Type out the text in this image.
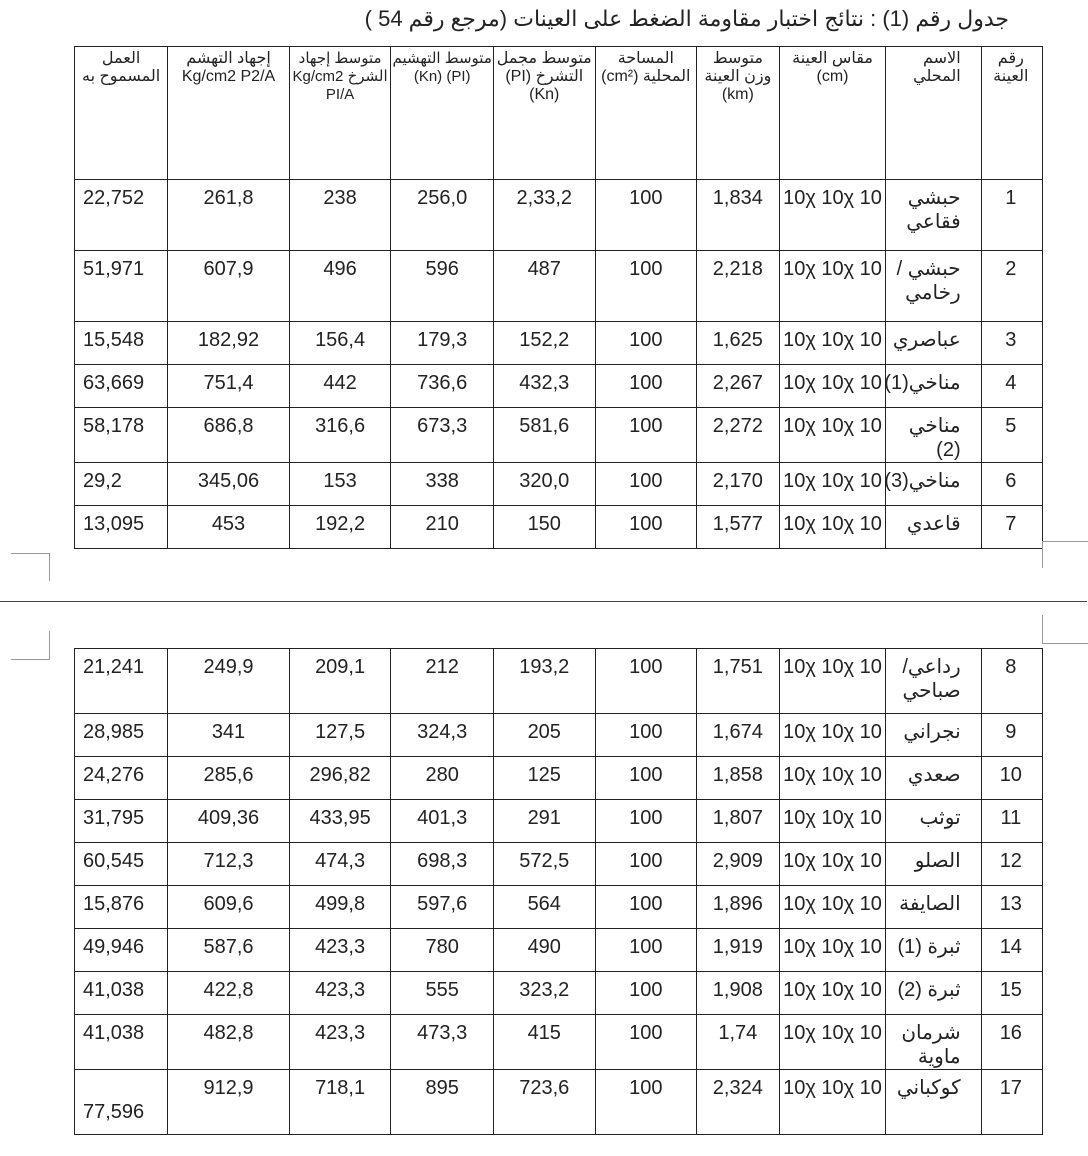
جدول رقم (1) : نتائج اختبار مقاومة الضغط على العينات (مرجع رقم 54 )
رقم العينة	الاسم المحلي	مقاس العينة (cm)	متوسط وزن العينة (km)	المساحة المحلية (cm²)	متوسط مجمل التشرخ (PI) (Kn)	متوسط التهشيم (PI) (Kn)	متوسط إجهاد الشرخ Kg/cm2 PI/A	إجهاد التهشم Kg/cm2 P2/A	العمل المسموح به
1	حبشي فقاعي	10χ 10χ 10	1,834	100	2,33,2	256,0	238	261,8	22,752
2	حبشي /رخامي	10χ 10χ 10	2,218	100	487	596	496	607,9	51,971
3	عباصري	10χ 10χ 10	1,625	100	152,2	179,3	156,4	182,92	15,548
4	مناخي(1)	10χ 10χ 10	2,267	100	432,3	736,6	442	751,4	63,669
5	مناخي (2)	10χ 10χ 10	2,272	100	581,6	673,3	316,6	686,8	58,178
6	مناخي(3)	10χ 10χ 10	2,170	100	320,0	338	153	345,06	29,2
7	قاعدي	10χ 10χ 10	1,577	100	150	210	192,2	453	13,095
8	رداعي/ صباحي	10χ 10χ 10	1,751	100	193,2	212	209,1	249,9	21,241
9	نجراني	10χ 10χ 10	1,674	100	205	324,3	127,5	341	28,985
10	صعدي	10χ 10χ 10	1,858	100	125	280	296,82	285,6	24,276
11	توثب	10χ 10χ 10	1,807	100	291	401,3	433,95	409,36	31,795
12	الصلو	10χ 10χ 10	2,909	100	572,5	698,3	474,3	712,3	60,545
13	الصايفة	10χ 10χ 10	1,896	100	564	597,6	499,8	609,6	15,876
14	ثبرة (1)	10χ 10χ 10	1,919	100	490	780	423,3	587,6	49,946
15	ثبرة (2)	10χ 10χ 10	1,908	100	323,2	555	423,3	422,8	41,038
16	شرمان ماوية	10χ 10χ 10	1,74	100	415	473,3	423,3	482,8	41,038
17	كوكباني	10χ 10χ 10	2,324	100	723,6	895	718,1	912,9	77,596
